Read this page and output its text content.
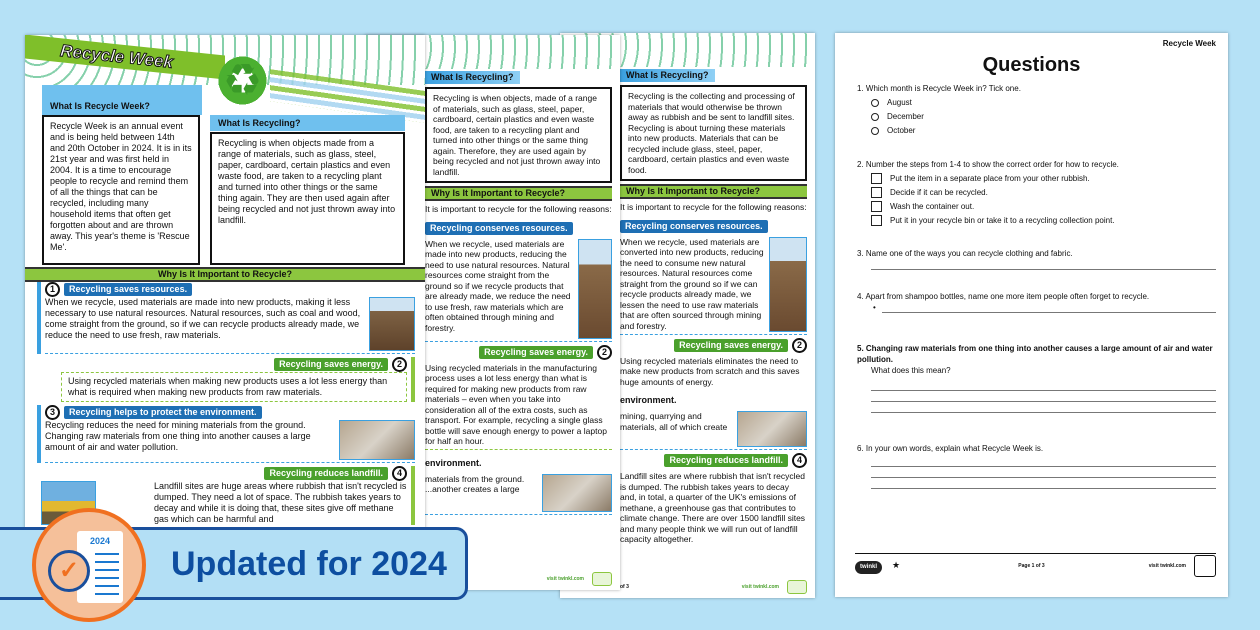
What Is Recycling?
Recycling is the collecting and processing of materials that would otherwise be thrown away as rubbish and be sent to landfill sites. Recycling is about turning these materials into new products. Materials that can be recycled include glass, steel, paper, cardboard, certain plastics and even waste food.
Why Is It Important to Recycle?
It is important to recycle for the following reasons:
Recycling conserves resources.
When we recycle, used materials are converted into new products, reducing the need to consume new natural resources. Natural resources come straight from the ground so if we can recycle products already made, we lessen the need to use raw materials that are often sourced through mining and forestry.
Recycling saves energy.	2
Using recycled materials eliminates the need to make new products from scratch and this saves huge amounts of energy.
environment.
mining, quarrying and materials, all of which create
Recycling reduces landfill.	4
Landfill sites are where rubbish that isn't recycled is dumped. The rubbish takes years to decay and, in total, a quarter of the UK's emissions of methane, a greenhouse gas that contributes to climate change. There are over 1500 landfill sites and many people think we will run out of landfill capacity altogether.
of 3	visit twinkl.com
What Is Recycling?
Recycling is when objects, made of a range of materials, such as glass, steel, paper, cardboard, certain plastics and even waste food, are taken to a recycling plant and turned into other things or the same thing again. Therefore, they are used again by being recycled and not just thrown away into landfill.
Why Is It Important to Recycle?
It is important to recycle for the following reasons:
Recycling conserves resources.
When we recycle, used materials are made into new products, reducing the need to use natural resources. Natural resources come straight from the ground so if we recycle products that are already made, we reduce the need to use fresh, raw materials which are often obtained through mining and forestry.
Recycling saves energy.	2
Using recycled materials in the manufacturing process uses a lot less energy than what is required for making new products from raw materials – even when you take into consideration all of the extra costs, such as transport. For example, recycling a single glass bottle will save enough energy to power a laptop for half an hour.
environment.
materials from the ground. ...another creates a large
visit twinkl.com
Recycle Week ♻
What Is Recycle Week?
Recycle Week is an annual event and is being held between 14th and 20th October in 2024. It is in its 21st year and was first held in 2004. It is a time to encourage people to recycle and remind them of all the things that can be recycled, including many household items that often get forgotten about and are thrown away. This year's theme is 'Rescue Me'.
What Is Recycling?
Recycling is when objects made from a range of materials, such as glass, steel, paper, cardboard, certain plastics and even waste food, are taken to a recycling plant and turned into other things or the same thing again. They are then used again after being recycled and not just thrown away into landfill.
Why Is It Important to Recycle?
1	Recycling saves resources.
When we recycle, used materials are made into new products, making it less necessary to use natural resources. Natural resources, such as coal and wood, come straight from the ground, so if we can recycle products already made, we reduce the need to use fresh, raw materials.
Recycling saves energy.	2
Using recycled materials when making new products uses a lot less energy than what is required when making new products from raw materials.
3	Recycling helps to protect the environment.
Recycling reduces the need for mining materials from the ground. Changing raw materials from one thing into another causes a large amount of air and water pollution.
Recycling reduces landfill.	4
Landfill sites are huge areas where rubbish that isn't recycled is dumped. They need a lot of space. The rubbish takes years to decay and while it is doing that, these sites give off methane gas which can be harmful and
Recycle Week
Questions
1. Which month is Recycle Week in? Tick one.
August
December
October
2. Number the steps from 1-4 to show the correct order for how to recycle.
Put the item in a separate place from your other rubbish.
Decide if it can be recycled.
Wash the container out.
Put it in your recycle bin or take it to a recycling collection point.
3. Name one of the ways you can recycle clothing and fabric.
4. Apart from shampoo bottles, name one more item people often forget to recycle.
•
5. Changing raw materials from one thing into another causes a large amount of air and water pollution.
What does this mean?
6. In your own words, explain what Recycle Week is.
twinkl	★	Page 1 of 3	visit twinkl.com
Updated for 2024
2024
✓
